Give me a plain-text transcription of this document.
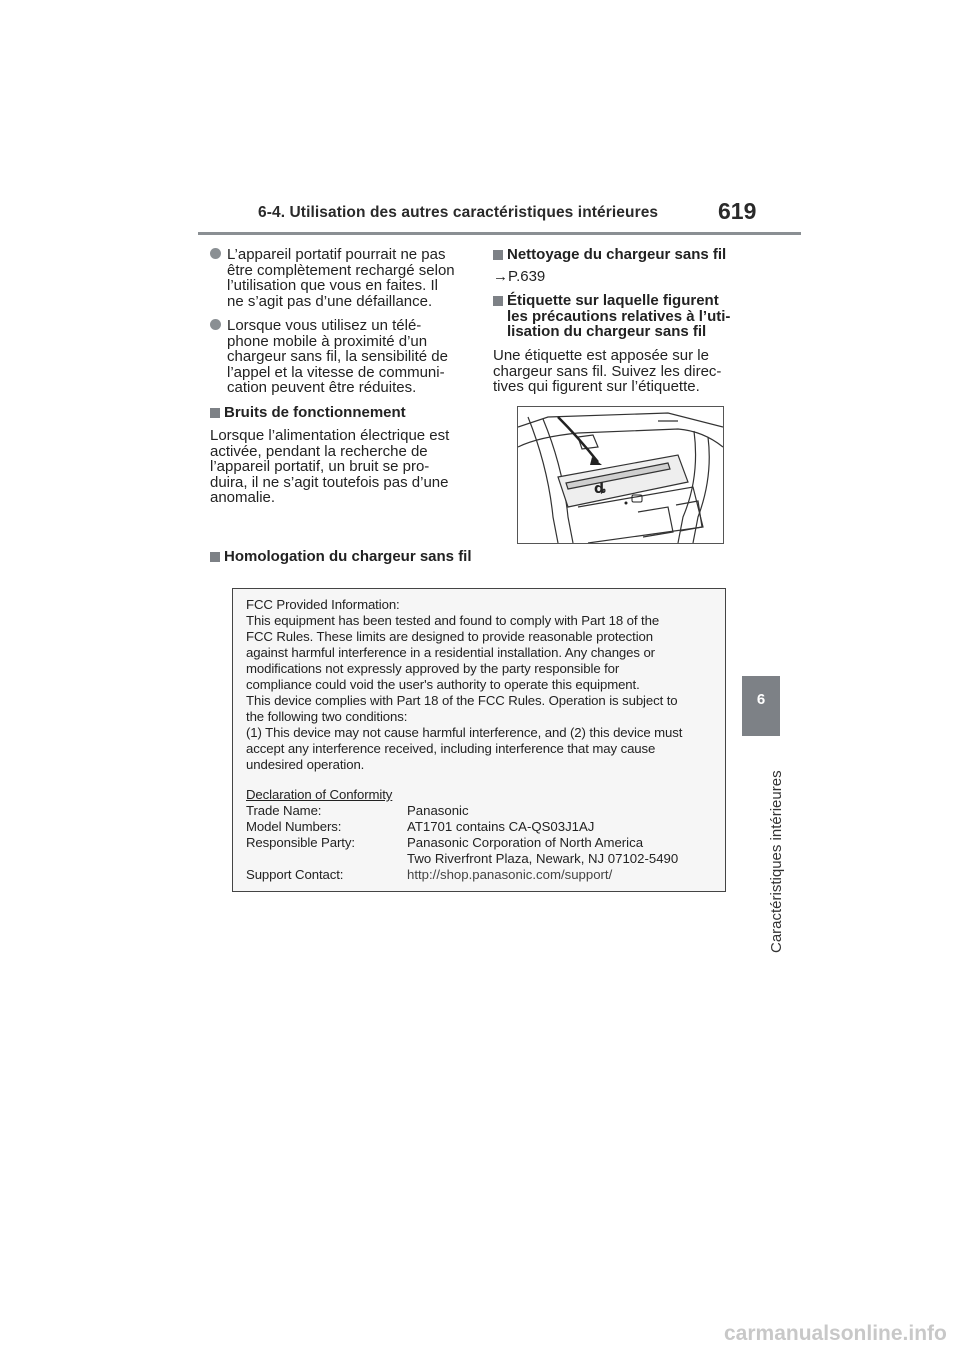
6-4. Utilisation des autres caractéristiques intérieures	619
6
Caractéristiques intérieures
L’appareil portatif pourrait ne pas
être complètement rechargé selon
l’utilisation que vous en faites. Il
ne s’agit pas d’une défaillance.
Lorsque vous utilisez un télé-
phone mobile à proximité d’un
chargeur sans fil, la sensibilité de
l’appel et la vitesse de communi-
cation peuvent être réduites.
Bruits de fonctionnement
Lorsque l’alimentation électrique est
activée, pendant la recherche de
l’appareil portatif, un bruit se pro-
duira, il ne s’agit toutefois pas d’une
anomalie.
Nettoyage du chargeur sans fil
→P.639
Étiquette sur laquelle figurent
les précautions relatives à l’uti-
lisation du chargeur sans fil
Une étiquette est apposée sur le
chargeur sans fil. Suivez les direc-
tives qui figurent sur l’étiquette.
ȡ
Homologation du chargeur sans fil
FCC Provided Information:
This equipment has been tested and found to comply with Part 18 of the
FCC Rules. These limits are designed to provide reasonable protection
against harmful interference in a residential installation. Any changes or
modifications not expressly approved by the party responsible for
compliance could void the user's authority to operate this equipment.
This device complies with Part 18 of the FCC Rules. Operation is subject to
the following two conditions:
(1) This device may not cause harmful interference, and (2) this device must
accept any interference received, including interference that may cause
undesired operation.
Declaration of Conformity
Trade Name:	Panasonic
Model Numbers:	AT1701 contains CA-QS03J1AJ
Responsible Party:	Panasonic Corporation of North America
Two Riverfront Plaza, Newark, NJ 07102-5490
Support Contact:	http://shop.panasonic.com/support/
carmanualsonline.info
